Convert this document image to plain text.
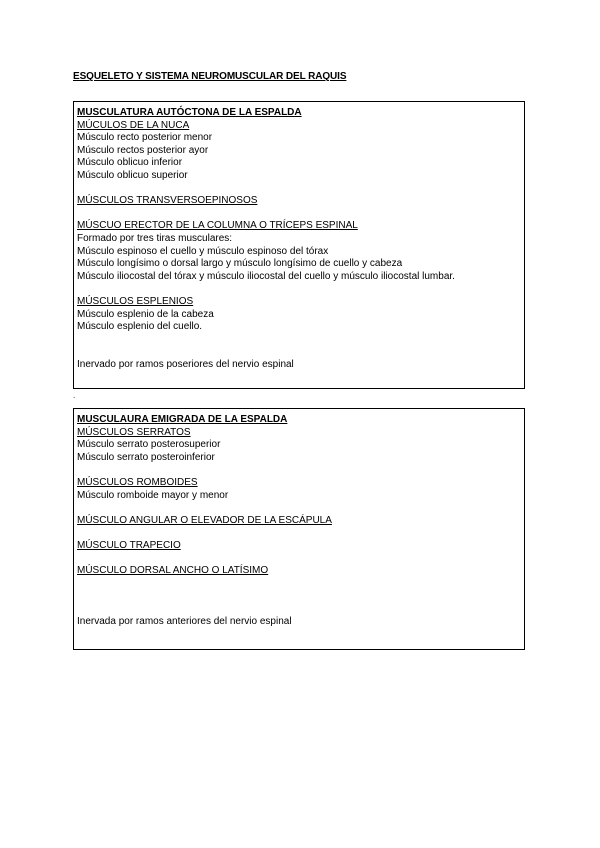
ESQUELETO Y SISTEMA NEUROMUSCULAR DEL RAQUIS
MUSCULATURA AUTÓCTONA DE LA ESPALDA
MÚCULOS DE LA NUCA
Músculo recto posterior menor
Músculo rectos posterior ayor
Músculo oblicuo inferior
Músculo oblicuo superior
MÚSCULOS TRANSVERSOEPINOSOS
MÚSCUO ERECTOR DE LA COLUMNA O TRÍCEPS ESPINAL
Formado por tres tiras musculares:
Músculo espinoso el cuello y músculo espinoso del tórax
Músculo longísimo o dorsal largo y músculo longísimo de cuello y cabeza
Músculo iliocostal del tórax y músculo iliocostal del cuello y músculo iliocostal lumbar.
MÚSCULOS ESPLENIOS
Músculo esplenio de la cabeza
Músculo esplenio del cuello.
Inervado por ramos poseriores del nervio espinal
.
MUSCULAURA EMIGRADA DE LA ESPALDA
MÚSCULOS SERRATOS
Músculo serrato posterosuperior
Músculo serrato posteroinferior
MÚSCULOS ROMBOIDES
Músculo romboide mayor y menor
MÚSCULO ANGULAR O ELEVADOR DE LA ESCÁPULA
MÚSCULO TRAPECIO
MÚSCULO DORSAL ANCHO O LATÍSIMO
Inervada por ramos anteriores del nervio espinal
